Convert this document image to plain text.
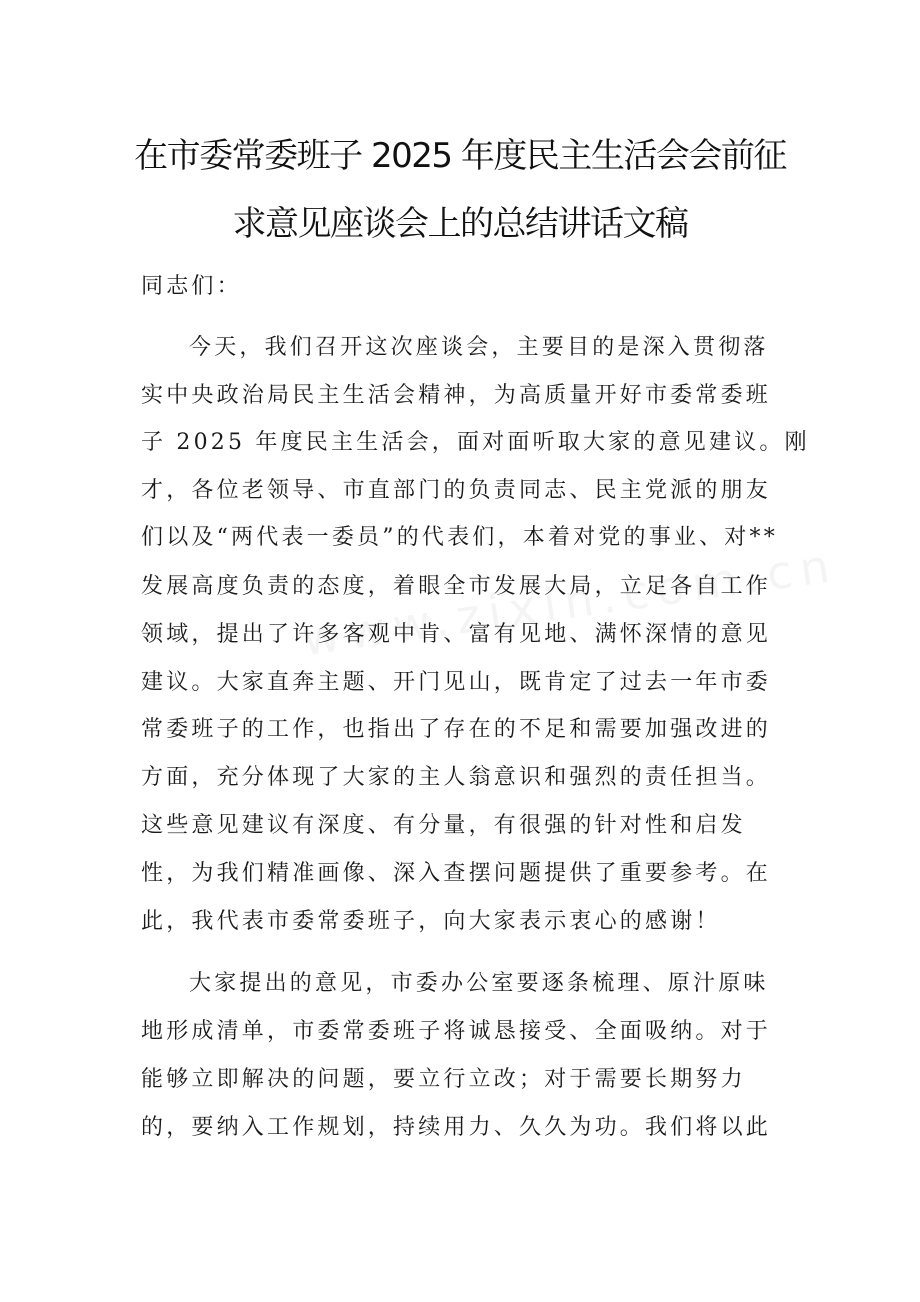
在市委常委班子 2025 年度民主生活会会前征
求意见座谈会上的总结讲话文稿
同志们：
今天，我们召开这次座谈会，主要目的是深入贯彻落
实中央政治局民主生活会精神，为高质量开好市委常委班
子 2025 年度民主生活会，面对面听取大家的意见建议。刚
才，各位老领导、市直部门的负责同志、民主党派的朋友
们以及“两代表一委员”的代表们，本着对党的事业、对**
发展高度负责的态度，着眼全市发展大局，立足各自工作
领域，提出了许多客观中肯、富有见地、满怀深情的意见
建议。大家直奔主题、开门见山，既肯定了过去一年市委
常委班子的工作，也指出了存在的不足和需要加强改进的
方面，充分体现了大家的主人翁意识和强烈的责任担当。
这些意见建议有深度、有分量，有很强的针对性和启发
性，为我们精准画像、深入查摆问题提供了重要参考。在
此，我代表市委常委班子，向大家表示衷心的感谢！
大家提出的意见，市委办公室要逐条梳理、原汁原味
地形成清单，市委常委班子将诚恳接受、全面吸纳。对于
能够立即解决的问题，要立行立改；对于需要长期努力
的，要纳入工作规划，持续用力、久久为功。我们将以此
